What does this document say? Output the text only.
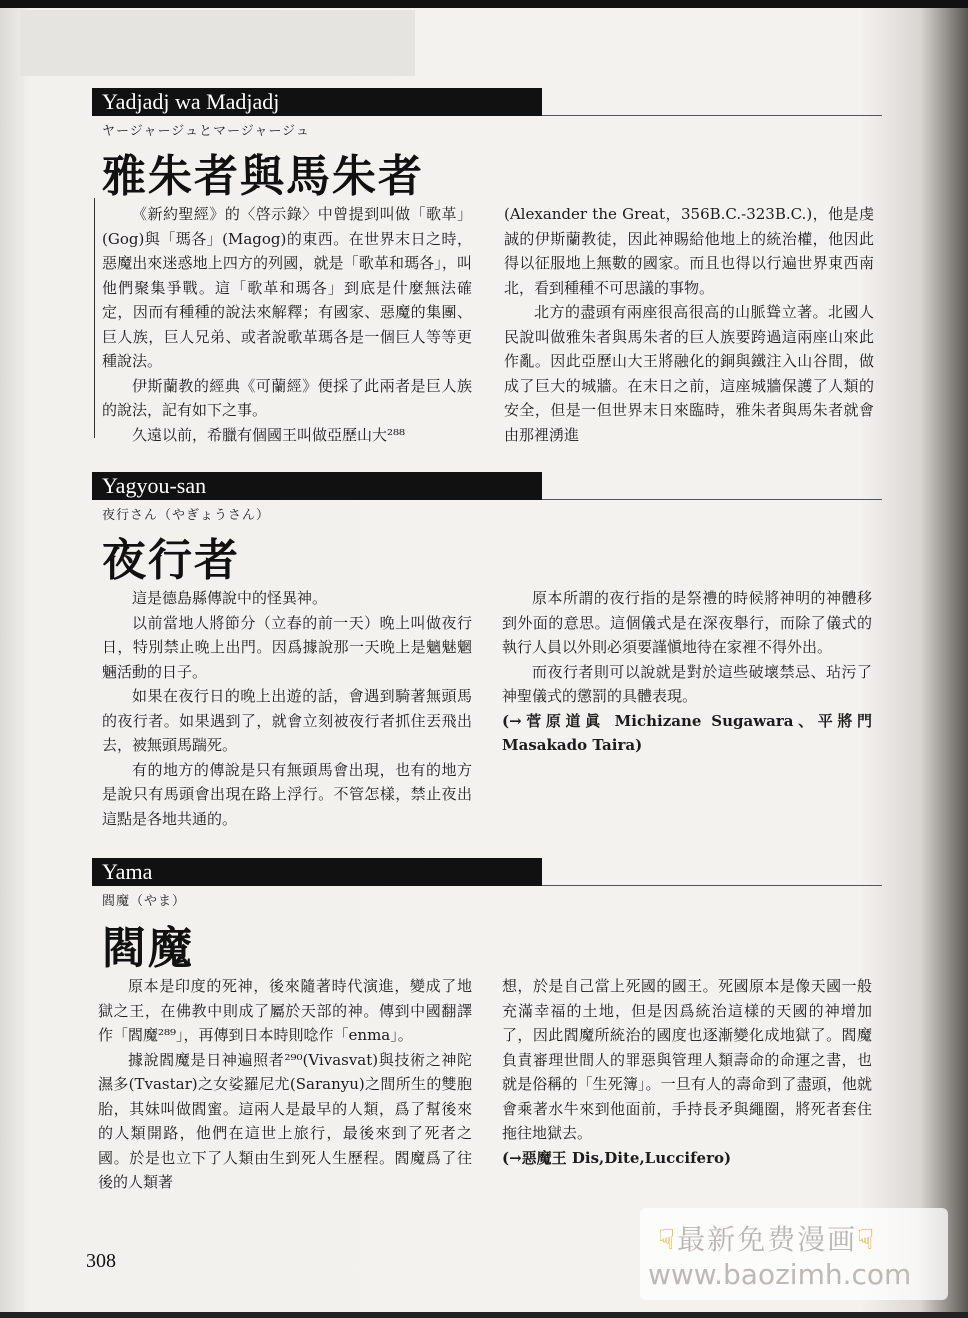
Yadjadj wa Madjadj
ヤージャージュとマージャージュ
雅朱者與馬朱者

《新約聖經》的〈啓示錄〉中曾提到叫做「歌革」(Gog)與「瑪各」(Magog)的東西。在世界末日之時，惡魔出來迷惑地上四方的列國，就是「歌革和瑪各」，叫他們聚集爭戰。這「歌革和瑪各」到底是什麼無法確定，因而有種種的說法來解釋；有國家、惡魔的集團、巨人族，巨人兄弟、或者說歌革瑪各是一個巨人等等更種說法。

伊斯蘭教的經典《可蘭經》便採了此兩者是巨人族的說法，記有如下之事。

久遠以前，希臘有個國王叫做亞歷山大²⁸⁸

(Alexander the Great，356B.C.-323B.C.)，他是虔誠的伊斯蘭教徒，因此神賜給他地上的統治權，他因此得以征服地上無數的國家。而且也得以行遍世界東西南北，看到種種不可思議的事物。

北方的盡頭有兩座很高很高的山脈聳立著。北國人民說叫做雅朱者與馬朱者的巨人族要跨過這兩座山來此作亂。因此亞歷山大王將融化的銅與鐵注入山谷間，做成了巨大的城牆。在末日之前，這座城牆保護了人類的安全，但是一但世界末日來臨時，雅朱者與馬朱者就會由那裡湧進

Yagyou-san
夜行さん（やぎょうさん）
夜行者

這是德島縣傳說中的怪異神。

以前當地人將節分（立春的前一天）晚上叫做夜行日，特別禁止晚上出門。因爲據說那一天晚上是魑魅魍魎活動的日子。

如果在夜行日的晚上出遊的話，會遇到騎著無頭馬的夜行者。如果遇到了，就會立刻被夜行者抓住丟飛出去，被無頭馬踹死。

有的地方的傳說是只有無頭馬會出現，也有的地方是說只有馬頭會出現在路上浮行。不管怎樣，禁止夜出這點是各地共通的。

原本所謂的夜行指的是祭禮的時候將神明的神體移到外面的意思。這個儀式是在深夜舉行，而除了儀式的執行人員以外則必須要謹愼地待在家裡不得外出。

而夜行者則可以說就是對於這些破壞禁忌、玷污了神聖儀式的懲罰的具體表現。

(→菅原道眞 Michizane Sugawara、平將門 Masakado Taira)

Yama
閻魔（やま）
閻魔

原本是印度的死神，後來隨著時代演進，變成了地獄之王，在佛教中則成了屬於天部的神。傳到中國翻譯作「閻魔²⁸⁹」，再傳到日本時則唸作「enma」。

據說閻魔是日神遍照者²⁹⁰(Vivasvat)與技術之神陀濕多(Tvastar)之女娑羅尼尤(Saranyu)之間所生的雙胞胎，其妹叫做閻蜜。這兩人是最早的人類，爲了幫後來的人類開路，他們在這世上旅行，最後來到了死者之國。於是也立下了人類由生到死人生歷程。閻魔爲了往後的人類著

想，於是自己當上死國的國王。死國原本是像天國一般充滿幸福的土地，但是因爲統治這樣的天國的神增加了，因此閻魔所統治的國度也逐漸變化成地獄了。閻魔負責審理世間人的罪惡與管理人類壽命的命運之書，也就是俗稱的「生死簿」。一旦有人的壽命到了盡頭，他就會乘著水牛來到他面前，手持長矛與繩圈，將死者套住拖往地獄去。

(→惡魔王 Dis,Dite,Luccifero)

308
☟最新免费漫画☟
www.baozimh.com
